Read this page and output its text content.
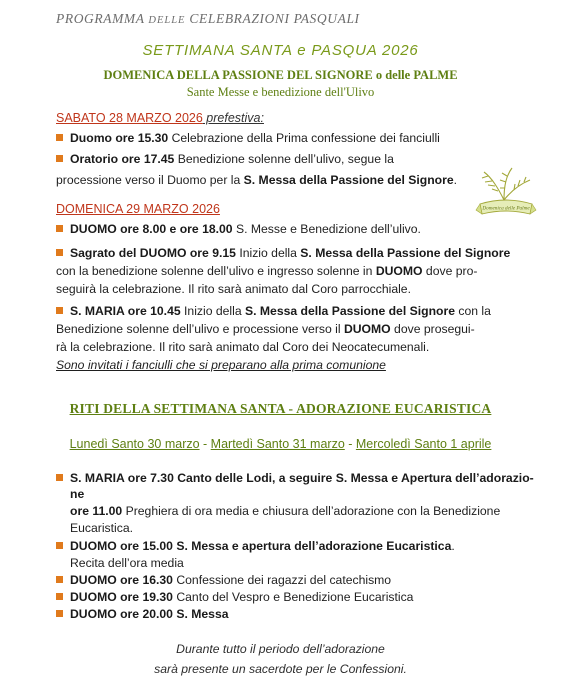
PROGRAMMA DELLE CELEBRAZIONI PASQUALI
SETTIMANA SANTA e PASQUA 2026
DOMENICA DELLA PASSIONE DEL SIGNORE o delle PALME
Sante Messe e benedizione dell'Ulivo
SABATO 28 MARZO 2026 prefestiva:
Duomo ore 15.30 Celebrazione della Prima confessione dei fanciulli
Oratorio ore 17.45 Benedizione solenne dell’ulivo, segue la
processione verso il Duomo per la S. Messa della Passione del Signore.
Domenica delle Palme
DOMENICA 29 MARZO 2026
DUOMO ore 8.00 e ore 18.00 S. Messe e Benedizione dell’ulivo.
Sagrato del DUOMO ore 9.15 Inizio della S. Messa della Passione del Signore
con la benedizione solenne dell’ulivo e ingresso solenne in DUOMO dove pro-
seguirà la celebrazione. Il rito sarà animato dal Coro parrocchiale.
S. MARIA ore 10.45 Inizio della S. Messa della Passione del Signore con la
Benedizione solenne dell’ulivo e processione verso il DUOMO dove prosegui-
rà la celebrazione. Il rito sarà animato dal Coro dei Neocatecumenali.
Sono invitati i fanciulli che si preparano alla prima comunione
RITI DELLA SETTIMANA SANTA - ADORAZIONE EUCARISTICA
Lunedì Santo 30 marzo - Martedì Santo 31 marzo - Mercoledì Santo 1 aprile
S. MARIA ore 7.30 Canto delle Lodi, a seguire S. Messa e Apertura dell’adorazio-
ne
ore 11.00 Preghiera di ora media e chiusura dell’adorazione con la Benedizione
Eucaristica.
DUOMO ore 15.00 S. Messa e apertura dell’adorazione Eucaristica.
Recita dell’ora media
DUOMO ore 16.30 Confessione dei ragazzi del catechismo
DUOMO ore 19.30 Canto del Vespro e Benedizione Eucaristica
DUOMO ore 20.00 S. Messa
Durante tutto il periodo dell’adorazione
sarà presente un sacerdote per le Confessioni.
